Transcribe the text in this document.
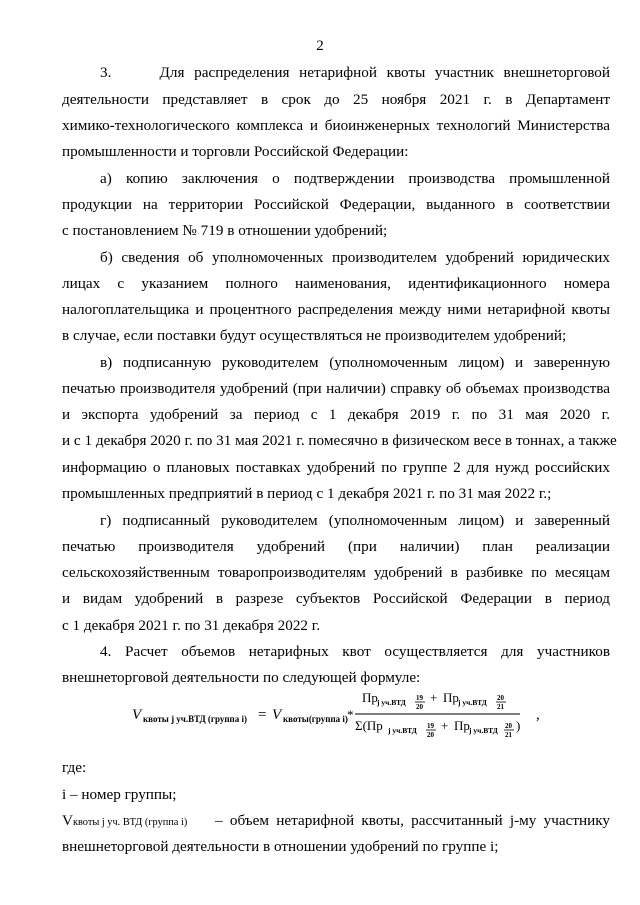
2
3.     Для распределения нетарифной квоты участник внешнеторговой
деятельности представляет в срок до 25 ноября 2021 г. в Департамент
химико-технологического комплекса и биоинженерных технологий Министерства
промышленности и торговли Российской Федерации:
а) копию заключения о подтверждении производства промышленной
продукции на территории Российской Федерации, выданного в соответствии
с постановлением № 719 в отношении удобрений;
б) сведения об уполномоченных производителем удобрений юридических
лицах с указанием полного наименования, идентификационного номера
налогоплательщика и процентного распределения между ними нетарифной квоты
в случае, если поставки будут осуществляться не производителем удобрений;
в) подписанную руководителем (уполномоченным лицом) и заверенную
печатью производителя удобрений (при наличии) справку об объемах производства
и экспорта удобрений за период с 1 декабря 2019 г. по 31 мая 2020 г.
и с 1 декабря 2020 г. по 31 мая 2021 г. помесячно в физическом весе в тоннах, а также
информацию о плановых поставках удобрений по группе 2 для нужд российских
промышленных предприятий в период с 1 декабря 2021 г. по 31 мая 2022 г.;
г) подписанный руководителем (уполномоченным лицом) и заверенный
печатью производителя удобрений (при наличии) план реализации
сельскохозяйственным товаропроизводителям удобрений в разбивке по месяцам
и видам удобрений в разрезе субъектов Российской Федерации в период
с 1 декабря 2021 г. по 31 декабря 2022 г.
4. Расчет объемов нетарифных квот осуществляется для участников
внешнеторговой деятельности по следующей формуле:
V квоты j уч.ВТД (группа i) = V квоты(группа i) *
Пр j уч.ВТД 19
20
+ Пр j уч.ВТД 20
21
Σ(Пр j уч.ВТД 19
20
+ Пр j уч.ВТД 20
21
)
,
где:
i – номер группы;
Vквоты j уч. ВТД (группа i) – объем нетарифной квоты, рассчитанный j-му участнику
внешнеторговой деятельности в отношении удобрений по группе i;
